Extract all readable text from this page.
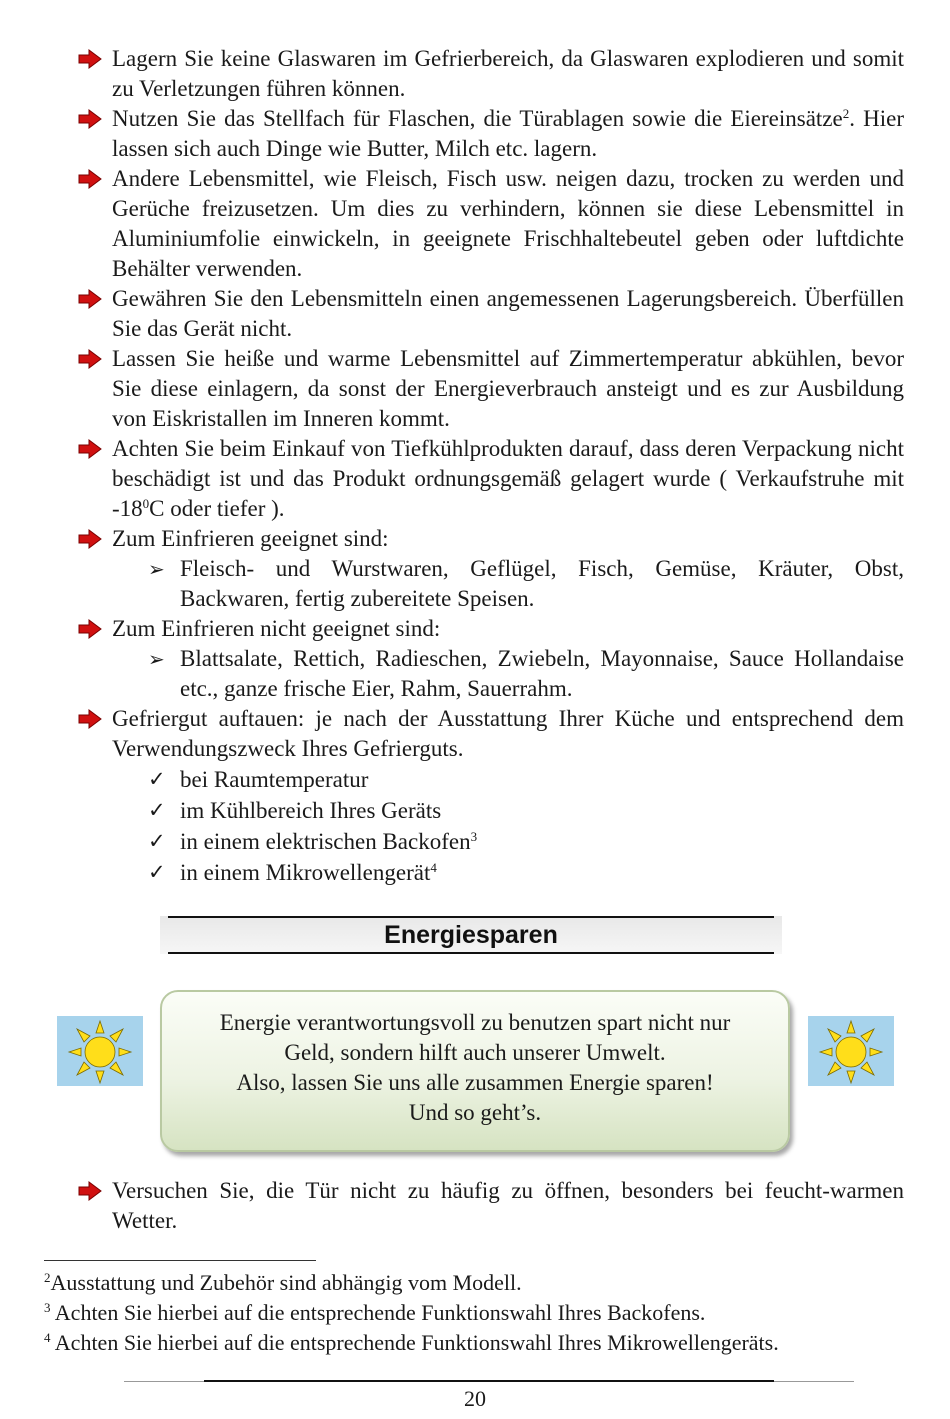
Lagern Sie keine Glaswaren im Gefrierbereich, da Glaswaren explodieren und somit zu Verletzungen führen können.
Nutzen Sie das Stellfach für Flaschen, die Türablagen sowie die Eiereinsätze$^2$. Hier lassen sich auch Dinge wie Butter, Milch etc. lagern.
Andere Lebensmittel, wie Fleisch, Fisch usw. neigen dazu, trocken zu werden und Gerüche freizusetzen. Um dies zu verhindern, können sie diese Lebensmittel in Aluminiumfolie einwickeln, in geeignete Frischhaltebeutel geben oder luftdichte Behälter verwenden.
Gewähren Sie den Lebensmitteln einen angemessenen Lagerungsbereich. Überfüllen Sie das Gerät nicht.
Lassen Sie heiße und warme Lebensmittel auf Zimmertemperatur abkühlen, bevor Sie diese einlagern, da sonst der Energieverbrauch ansteigt und es zur Ausbildung von Eiskristallen im Inneren kommt.
Achten Sie beim Einkauf von Tiefkühlprodukten darauf, dass deren Verpackung nicht beschädigt ist und das Produkt ordnungsgemäß gelagert wurde ( Verkaufstruhe mit $-18^0C$ oder tiefer ).
Zum Einfrieren geeignet sind:
➢ Fleisch- und Wurstwaren, Geflügel, Fisch, Gemüse, Kräuter, Obst, Backwaren, fertig zubereitete Speisen.
Zum Einfrieren nicht geeignet sind:
➢ Blattsalate, Rettich, Radieschen, Zwiebeln, Mayonnaise, Sauce Hollandaise etc., ganze frische Eier, Rahm, Sauerrahm.
Gefriergut auftauen: je nach der Ausstattung Ihrer Küche und entsprechend dem Verwendungszweck Ihres Gefrierguts.
✓ bei Raumtemperatur
✓ im Kühlbereich Ihres Geräts
✓ in einem elektrischen Backofen$^3$
✓ in einem Mikrowellengerät$^4$
Energiesparen
Energie verantwortungsvoll zu benutzen spart nicht nur
Geld, sondern hilft auch unserer Umwelt.
Also, lassen Sie uns alle zusammen Energie sparen!
Und so geht’s.
Versuchen Sie, die Tür nicht zu häufig zu öffnen, besonders bei feucht-warmen Wetter.
$^2$Ausstattung und Zubehör sind abhängig vom Modell.
$^3$ Achten Sie hierbei auf die entsprechende Funktionswahl Ihres Backofens.
$^4$ Achten Sie hierbei auf die entsprechende Funktionswahl Ihres Mikrowellengeräts.
20
